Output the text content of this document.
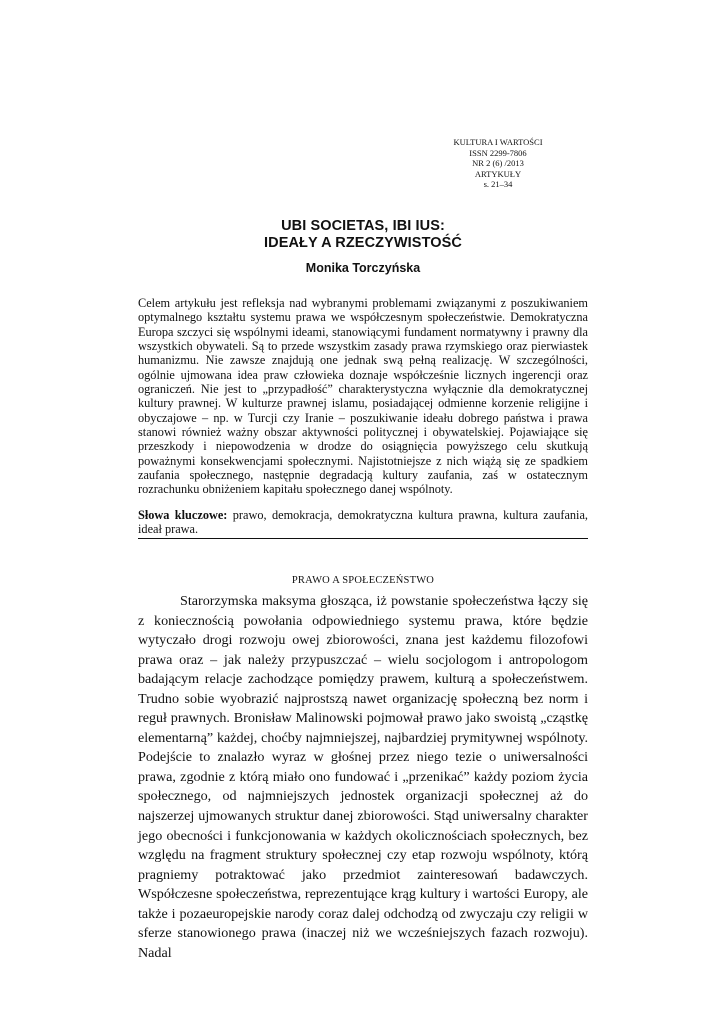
KULTURA I WARTOŚCI
ISSN 2299-7806
NR 2 (6) /2013
ARTYKUŁY
s. 21–34
UBI SOCIETAS, IBI IUS:
IDEAŁY A RZECZYWISTOŚĆ
Monika Torczyńska
Celem artykułu jest refleksja nad wybranymi problemami związanymi z poszukiwaniem optymalnego kształtu systemu prawa we współczesnym społeczeństwie. Demokratyczna Europa szczyci się wspólnymi ideami, stanowiącymi fundament normatywny i prawny dla wszystkich obywateli. Są to przede wszystkim zasady prawa rzymskiego oraz pierwiastek humanizmu. Nie zawsze znajdują one jednak swą pełną realizację. W szczególności, ogólnie ujmowana idea praw człowieka doznaje współcześnie licznych ingerencji oraz ograniczeń. Nie jest to „przypadłość” charakterystyczna wyłącznie dla demokratycznej kultury prawnej. W kulturze prawnej islamu, posiadającej odmienne korzenie religijne i obyczajowe – np. w Turcji czy Iranie – poszukiwanie ideału dobrego państwa i prawa stanowi również ważny obszar aktywności politycznej i obywatelskiej. Pojawiające się przeszkody i niepowodzenia w drodze do osiągnięcia powyższego celu skutkują poważnymi konsekwencjami społecznymi. Najistotniejsze z nich wiążą się ze spadkiem zaufania społecznego, następnie degradacją kultury zaufania, zaś w ostatecznym rozrachunku obniżeniem kapitału społecznego danej wspólnoty.
Słowa kluczowe: prawo, demokracja, demokratyczna kultura prawna, kultura zaufania, ideał prawa.
PRAWO A SPOŁECZEŃSTWO
Starorzymska maksyma głosząca, iż powstanie społeczeństwa łączy się z koniecznością powołania odpowiedniego systemu prawa, które będzie wytyczało drogi rozwoju owej zbiorowości, znana jest każdemu filozofowi prawa oraz – jak należy przypuszczać – wielu socjologom i antropologom badającym relacje zachodzące pomiędzy prawem, kulturą a społeczeństwem. Trudno sobie wyobrazić najprostszą nawet organizację społeczną bez norm i reguł prawnych. Bronisław Malinowski pojmował prawo jako swoistą „cząstkę elementarną” każdej, choćby najmniejszej, najbardziej prymitywnej wspólnoty. Podejście to znalazło wyraz w głośnej przez niego tezie o uniwersalności prawa, zgodnie z którą miało ono fundować i „przenikać” każdy poziom życia społecznego, od najmniejszych jednostek organizacji społecznej aż do najszerzej ujmowanych struktur danej zbiorowości. Stąd uniwersalny charakter jego obecności i funkcjonowania w każdych okolicznościach społecznych, bez względu na fragment struktury społecznej czy etap rozwoju wspólnoty, którą pragniemy potraktować jako przedmiot zainteresowań badawczych. Współczesne społeczeństwa, reprezentujące krąg kultury i wartości Europy, ale także i pozaeuropejskie narody coraz dalej odchodzą od zwyczaju czy religii w sferze stanowionego prawa (inaczej niż we wcześniejszych fazach rozwoju). Nadal
